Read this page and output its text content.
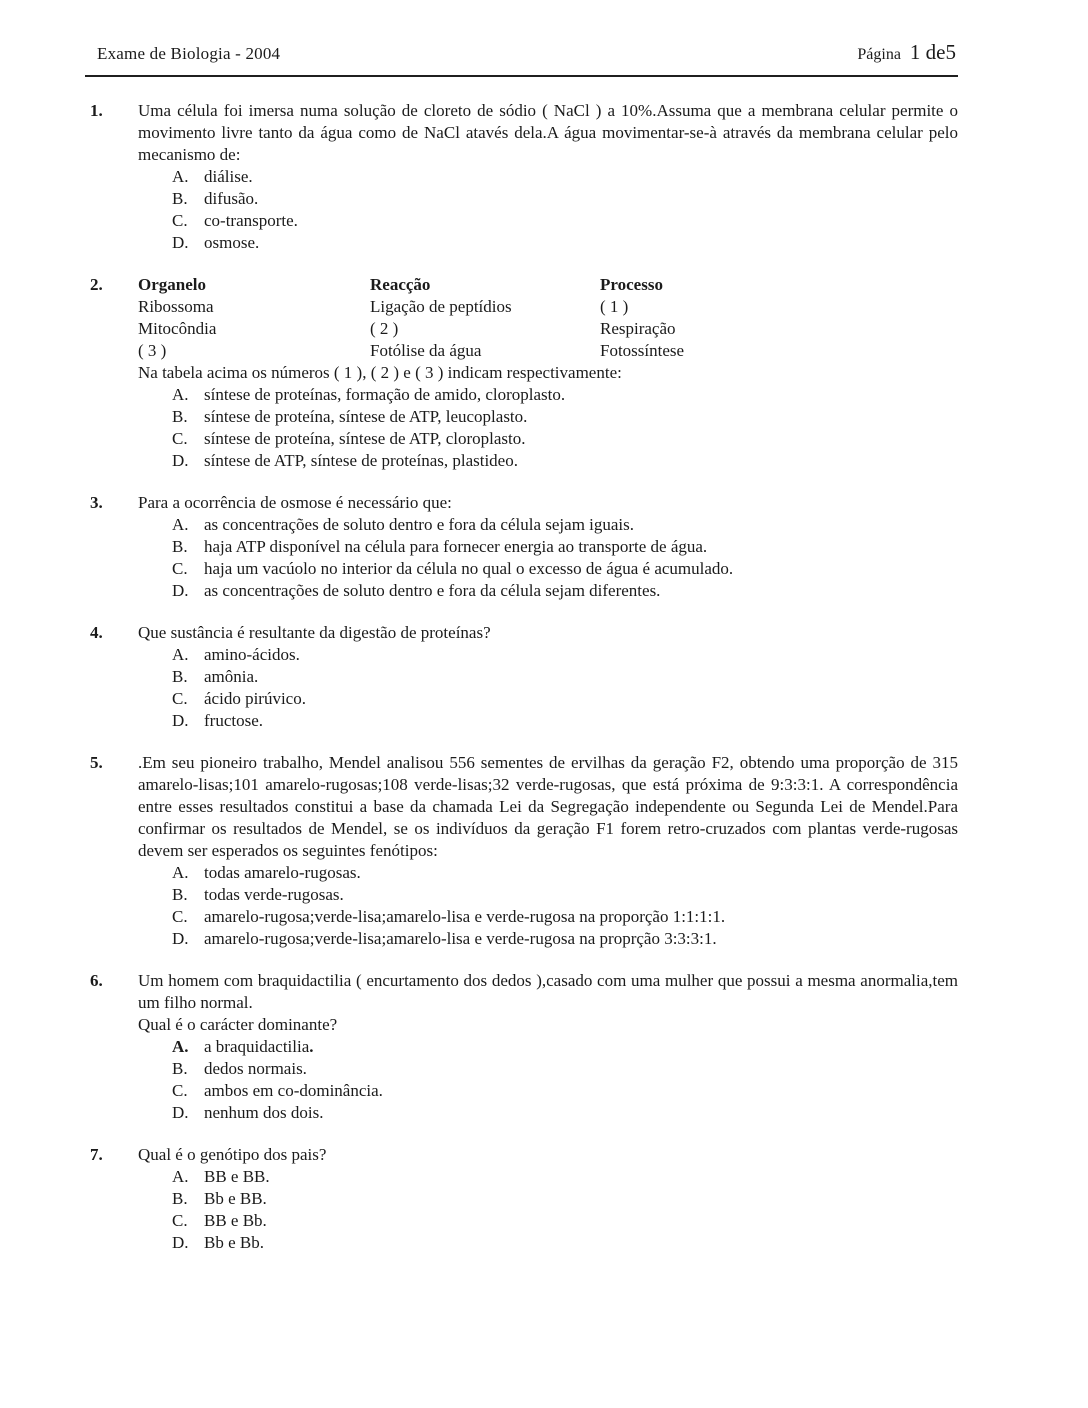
Exame de Biologia - 2004	Página 1 de5
1.	Uma célula foi imersa numa solução de cloreto de sódio ( NaCl ) a 10%.Assuma que a membrana celular permite o movimento livre tanto da água como de NaCl atavés dela.A água movimentar-se-à através da membrana celular pelo mecanismo de:
A. diálise.
B. difusão.
C. co-transporte.
D. osmose.
2.	Organelo	Reacção	Processo
Ribossoma	Ligação de peptídios	( 1 )
Mitocôndia	( 2 )	Respiração
( 3 )	Fotólise da água	Fotossíntese
Na tabela acima os números ( 1 ), ( 2 ) e ( 3 ) indicam respectivamente:
A. síntese de proteínas, formação de amido, cloroplasto.
B. síntese de proteína, síntese de ATP, leucoplasto.
C. síntese de proteína, síntese de ATP, cloroplasto.
D. síntese de ATP, síntese de proteínas, plastideo.
3.	Para a ocorrência de osmose é necessário que:
A. as concentrações de soluto dentro e fora da célula sejam iguais.
B. haja ATP disponível na célula para fornecer energia ao transporte de água.
C. haja um vacúolo no interior da célula no qual o excesso de água é acumulado.
D. as concentrações de soluto dentro e fora da célula sejam diferentes.
4.	Que sustância é resultante da digestão de proteínas?
A. amino-ácidos.
B. amônia.
C. ácido pirúvico.
D. fructose.
5.	.Em seu pioneiro trabalho, Mendel analisou 556 sementes de ervilhas da geração F2, obtendo uma proporção de 315 amarelo-lisas;101 amarelo-rugosas;108 verde-lisas;32 verde-rugosas, que está próxima de 9:3:3:1. A correspondência entre esses resultados constitui a base da chamada Lei da Segregação independente ou Segunda Lei de Mendel.Para confirmar os resultados de Mendel, se os indivíduos da geração F1 forem retro-cruzados com plantas verde-rugosas devem ser esperados os seguintes fenótipos:
A. todas amarelo-rugosas.
B. todas verde-rugosas.
C. amarelo-rugosa;verde-lisa;amarelo-lisa e verde-rugosa na proporção 1:1:1:1.
D. amarelo-rugosa;verde-lisa;amarelo-lisa e verde-rugosa na proprção 3:3:3:1.
6.	Um homem com braquidactilia ( encurtamento dos dedos ),casado com uma mulher que possui a mesma anormalia,tem um filho normal.
Qual é o carácter dominante?
A. a braquidactilia.
B. dedos normais.
C. ambos em co-dominância.
D. nenhum dos dois.
7.	Qual é o genótipo dos pais?
A. BB e BB.
B. Bb e BB.
C. BB e Bb.
D. Bb e Bb.
